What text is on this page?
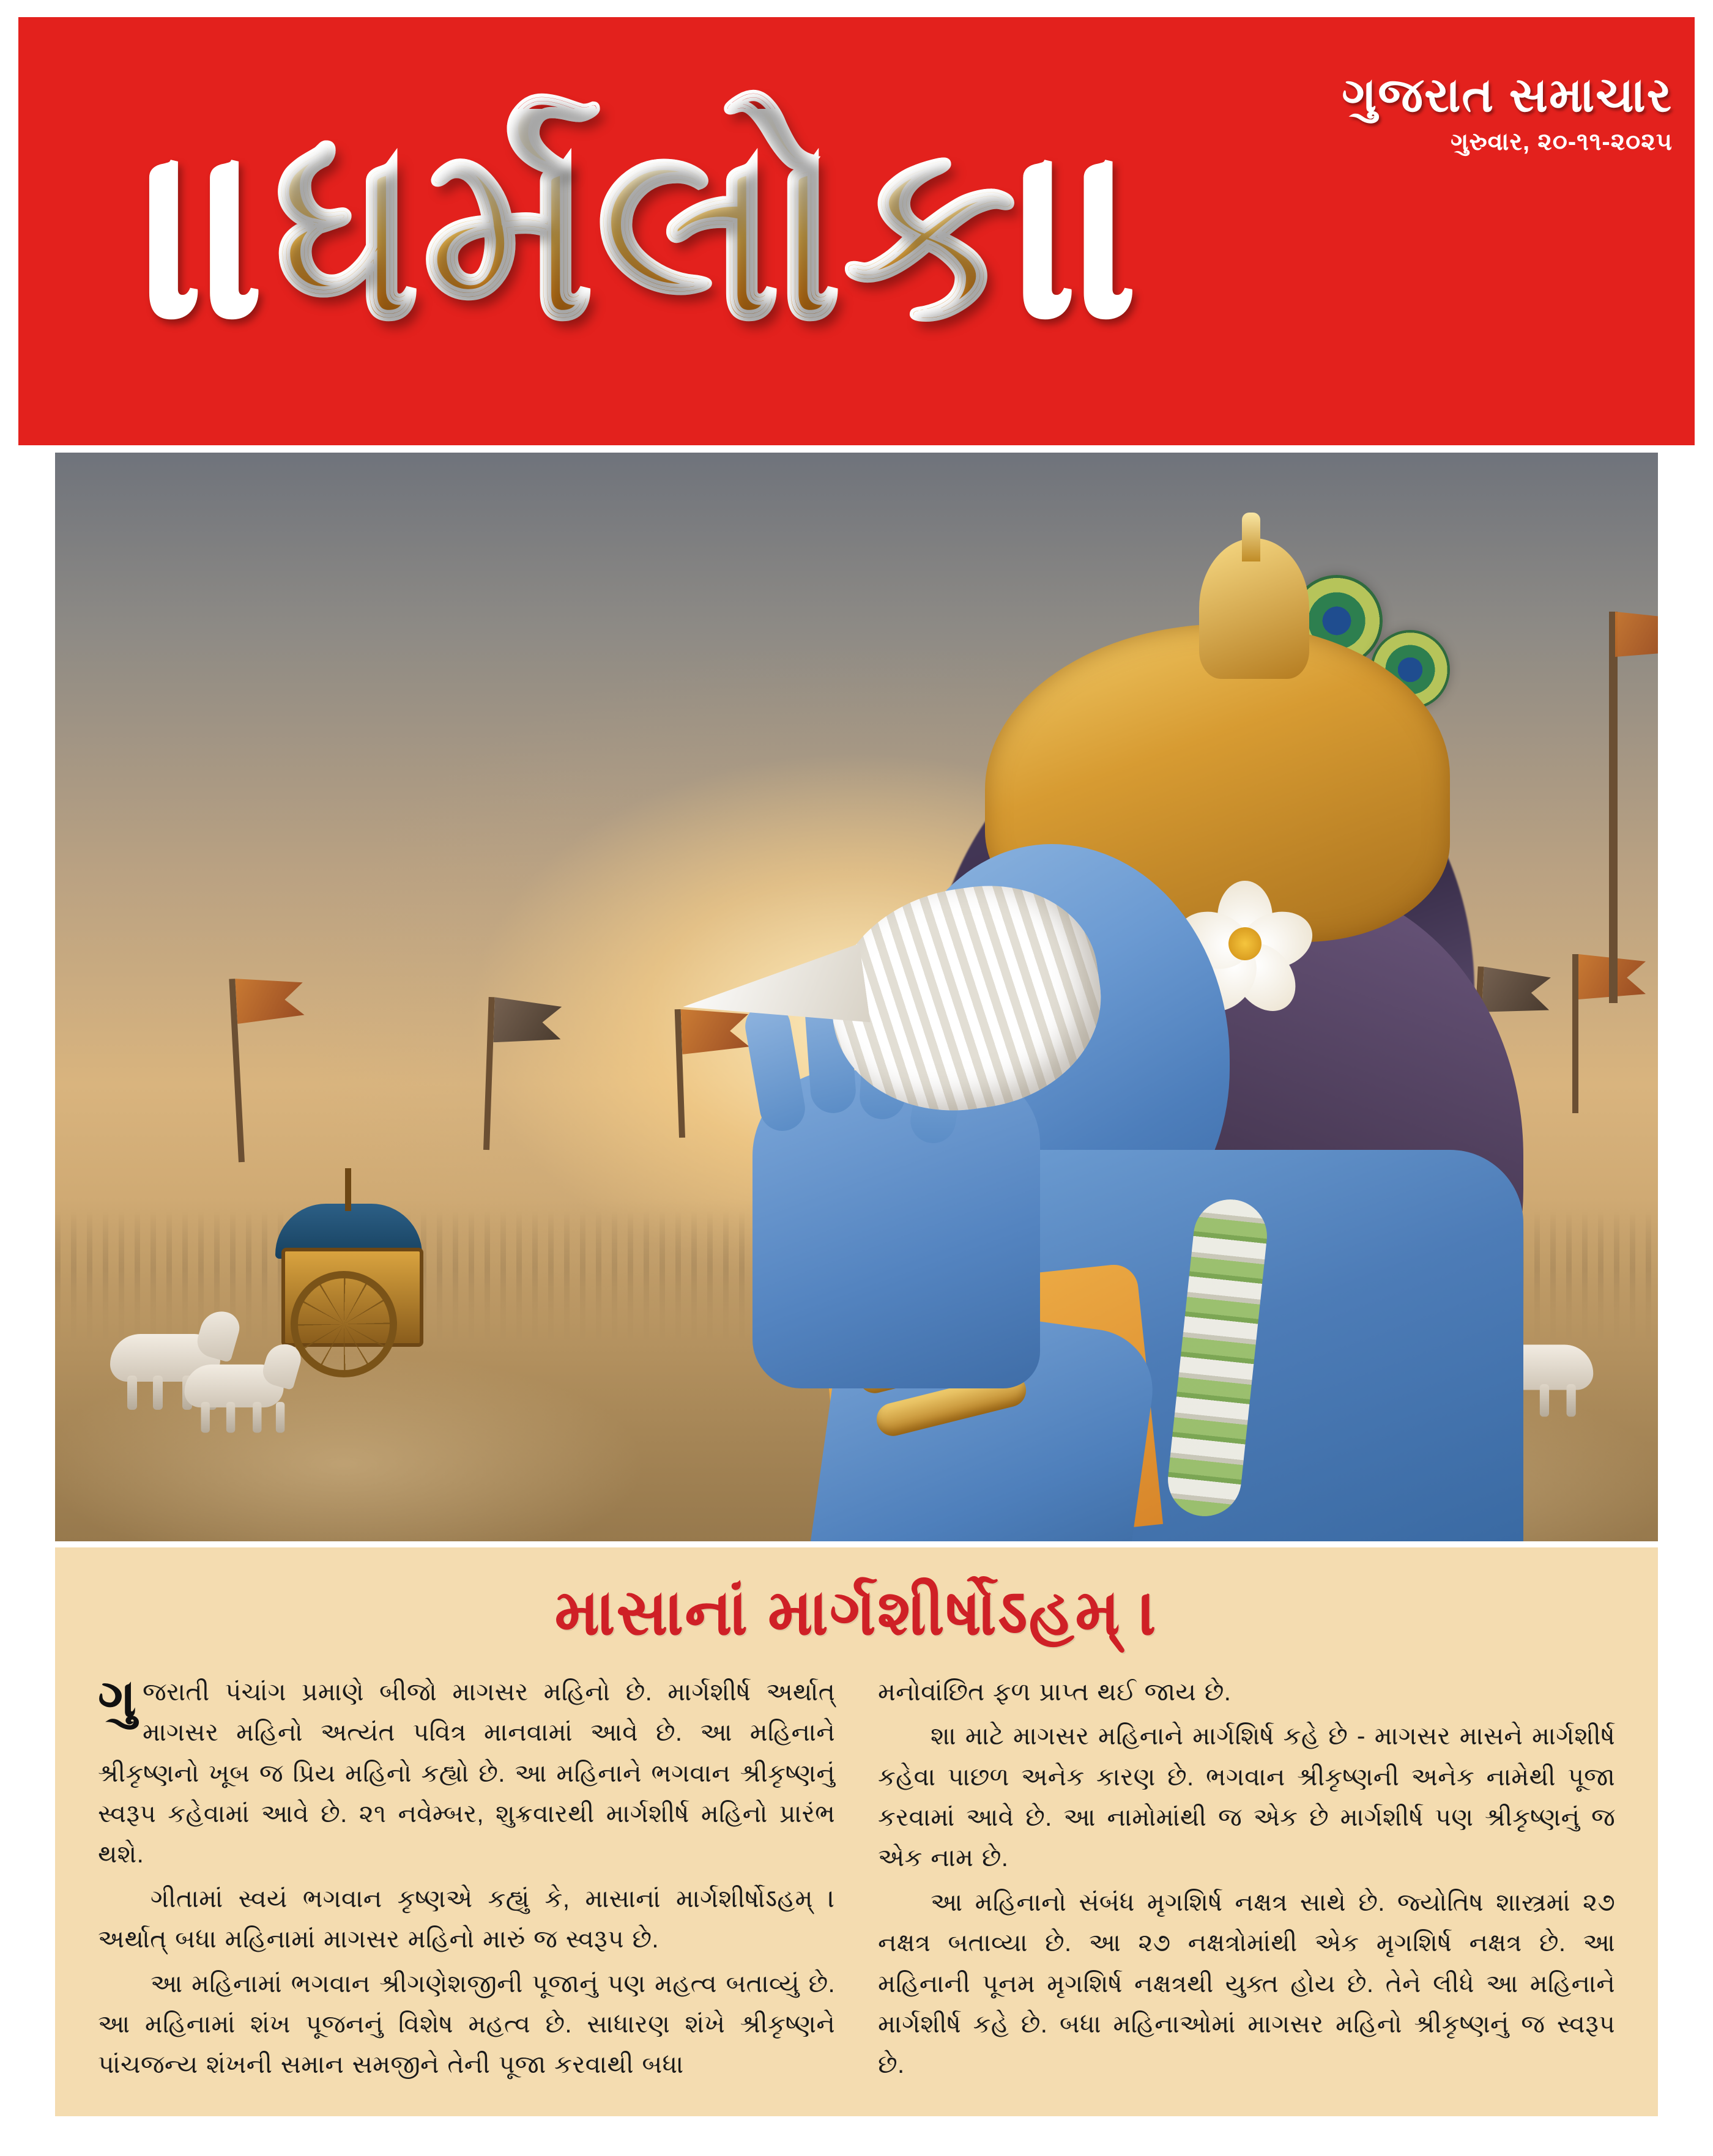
॥ધર્મલોક॥	ગુજરાત સમાચાર
ગુરુવાર, ૨૦-૧૧-૨૦૨૫
માસાનાં માર્ગશીર્ષોऽહમ્ ।

ગુજરાતી પંચાંગ પ્રમાણે બીજો માગસર મહિનો છે. માર્ગશીર્ષ અર્થાત્ માગસર મહિનો અત્યંત પવિત્ર માનવામાં આવે છે. આ મહિનાને શ્રીકૃષ્ણનો ખૂબ જ પ્રિય મહિનો કહ્યો છે. આ મહિનાને ભગવાન શ્રીકૃષ્ણનું સ્વરૂપ કહેવામાં આવે છે. ૨૧ નવેમ્બર, શુક્રવારથી માર્ગશીર્ષ મહિનો પ્રારંભ થશે.

ગીતામાં સ્વયં ભગવાન કૃષ્ણએ કહ્યું કે, માસાનાં માર્ગશીર્ષોऽહમ્ । અર્થાત્ બધા મહિનામાં માગસર મહિનો મારું જ સ્વરૂપ છે.

આ મહિનામાં ભગવાન શ્રીગણેશજીની પૂજાનું પણ મહત્વ બતાવ્યું છે. આ મહિનામાં શંખ પૂજનનું વિશેષ મહત્વ છે. સાધારણ શંખે શ્રીકૃષ્ણને પાંચજન્ય શંખની સમાન સમજીને તેની પૂજા કરવાથી બધા

મનોવાંછિત ફળ પ્રાપ્ત થઈ જાય છે.

શા માટે માગસર મહિનાને માર્ગશિર્ષ કહે છે - માગસર માસને માર્ગશીર્ષ કહેવા પાછળ અનેક કારણ છે. ભગવાન શ્રીકૃષ્ણની અનેક નામેથી પૂજા કરવામાં આવે છે. આ નામોમાંથી જ એક છે માર્ગશીર્ષ પણ શ્રીકૃષ્ણનું જ એક નામ છે.

આ મહિનાનો સંબંધ મૃગશિર્ષ નક્ષત્ર સાથે છે. જ્યોતિષ શાસ્ત્રમાં ૨૭ નક્ષત્ર બતાવ્યા છે. આ ૨૭ નક્ષત્રોમાંથી એક મૃગશિર્ષ નક્ષત્ર છે. આ મહિનાની પૂનમ મૃગશિર્ષ નક્ષત્રથી યુક્ત હોય છે. તેને લીધે આ મહિનાને માર્ગશીર્ષ કહે છે. બધા મહિનાઓમાં માગસર મહિનો શ્રીકૃષ્ણનું જ સ્વરૂપ છે.
